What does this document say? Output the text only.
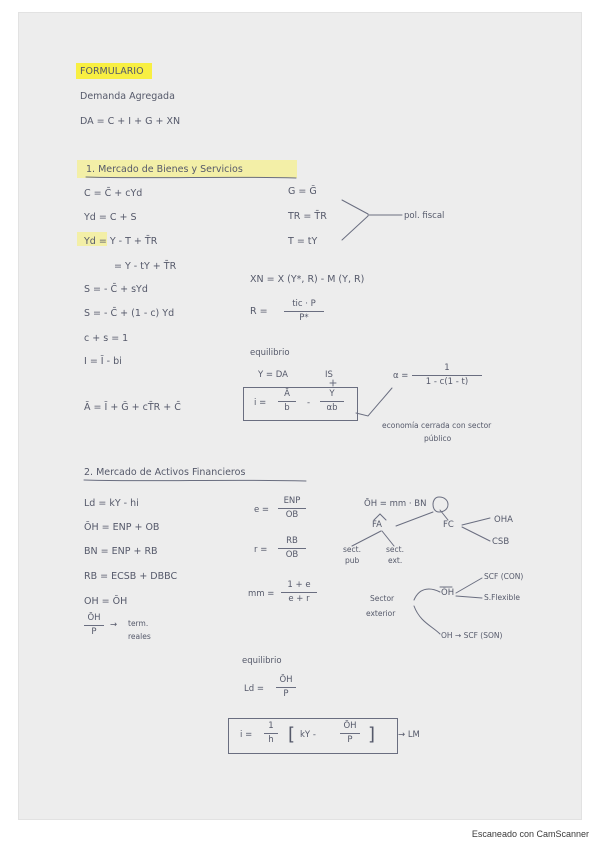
FORMULARIO
Demanda Agregada
DA = C + I + G + XN
1. Mercado de Bienes y Servicios
C = C̄ + cYd
Yd = C + S
Yd = Y - T + T̄R
= Y - tY + T̄R
S = - C̄ + sYd
S = - C̄ + (1 - c) Yd
c + s = 1
I = Ī - bi
Ā = Ī + Ḡ + cT̄R + C̄
G = Ḡ
TR = T̄R
T = tY
pol. fiscal
XN = X (Y*, R) - M (Y, R)
R =
tic · P
P*
equilibrio
Y = DA	IS
i =
Ā
b -
Y
αb
α =
1
1 - c(1 - t)
economía cerrada con sector
público
2. Mercado de Activos Financieros
Ld = kY - hi
ŌH = ENP + OB
BN = ENP + RB
RB = ECSB + DBBC
OH = ŌH
ŌH
P
→ term.
reales
e =
ENP
OB
r =
RB
OB
mm =
1 + e
e + r
ŌH = mm · BN
FA	FC	OHA
CSB
sect.
pub
sect.
ext.
Sector
exterior
ŌH
SCF (CON)
S.Flexible
OH → SCF (SON)
equilibrio
Ld =
ŌH
P
i =
1
h [ kY -
ŌH
P ]	→ LM
Escaneado con CamScanner
